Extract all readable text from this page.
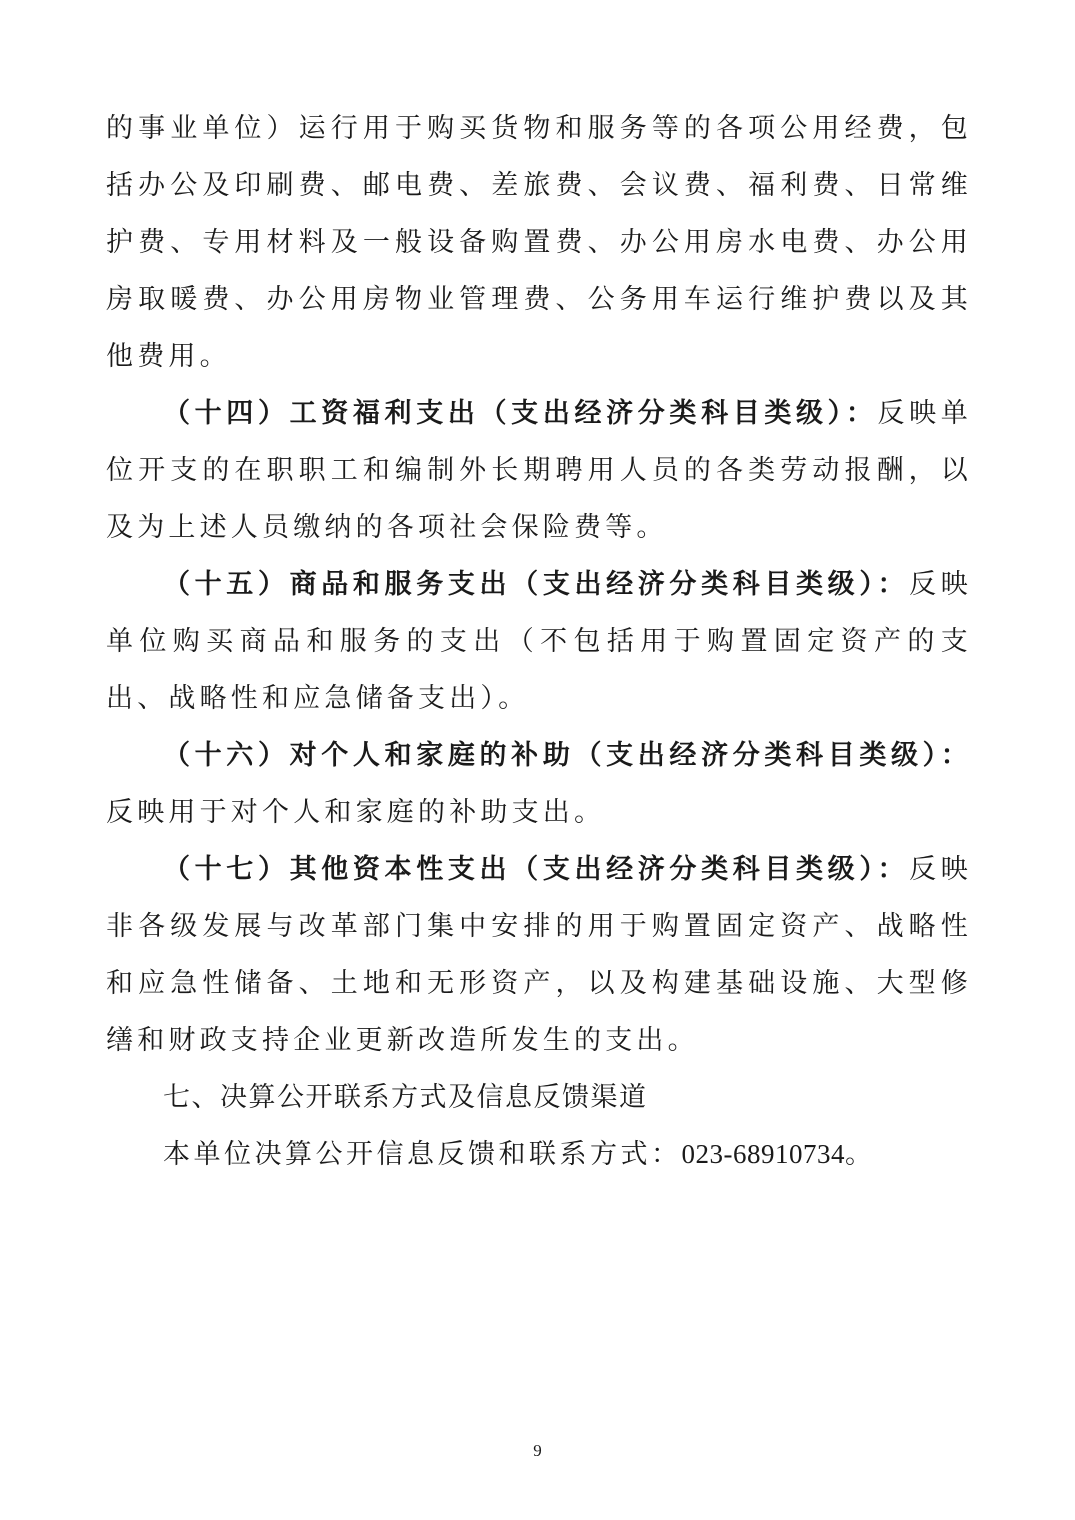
的事业单位）运行用于购买货物和服务等的各项公用经费，包括办公及印刷费、邮电费、差旅费、会议费、福利费、日常维护费、专用材料及一般设备购置费、办公用房水电费、办公用房取暖费、办公用房物业管理费、公务用车运行维护费以及其他费用。

（十四）工资福利支出（支出经济分类科目类级）：反映单位开支的在职职工和编制外长期聘用人员的各类劳动报酬，以及为上述人员缴纳的各项社会保险费等。

（十五）商品和服务支出（支出经济分类科目类级）：反映单位购买商品和服务的支出（不包括用于购置固定资产的支出、战略性和应急储备支出）。

（十六）对个人和家庭的补助（支出经济分类科目类级）：反映用于对个人和家庭的补助支出。

（十七）其他资本性支出（支出经济分类科目类级）：反映非各级发展与改革部门集中安排的用于购置固定资产、战略性和应急性储备、土地和无形资产，以及构建基础设施、大型修缮和财政支持企业更新改造所发生的支出。

七、决算公开联系方式及信息反馈渠道

本单位决算公开信息反馈和联系方式：023-68910734。

9
